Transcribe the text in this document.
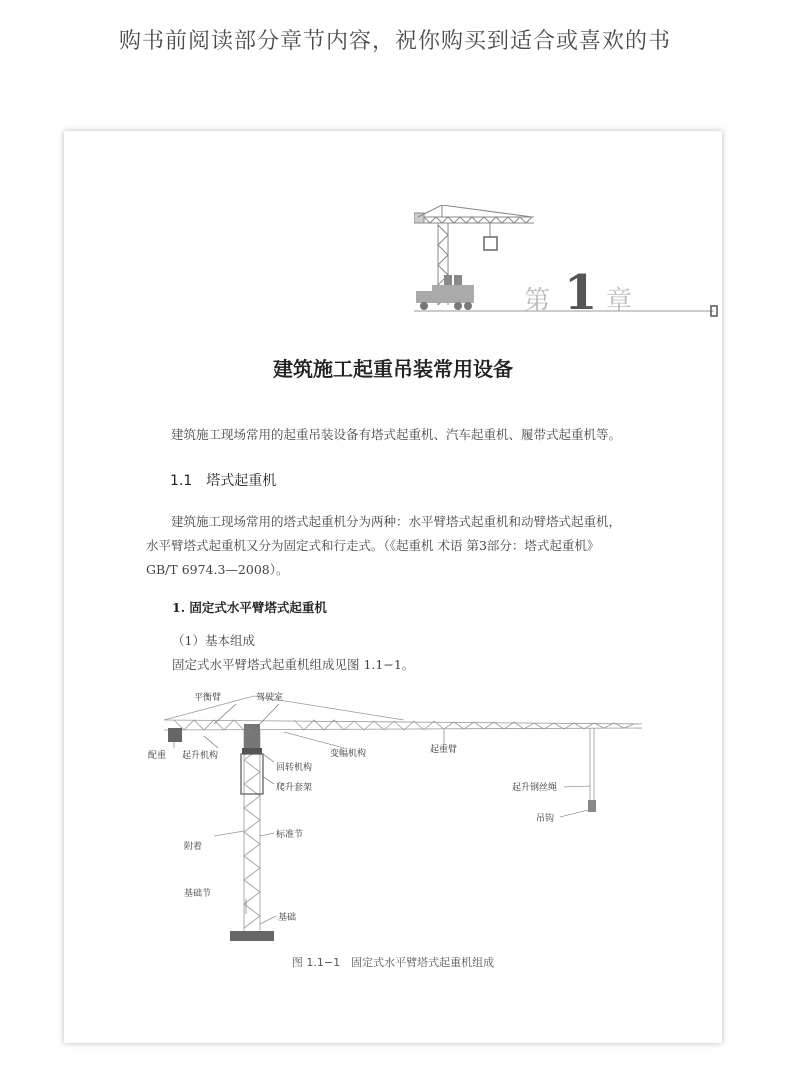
购书前阅读部分章节内容，祝你购买到适合或喜欢的书
第 1 章
建筑施工起重吊装常用设备
建筑施工现场常用的起重吊装设备有塔式起重机、汽车起重机、履带式起重机等。
1.1 塔式起重机
建筑施工现场常用的塔式起重机分为两种：水平臂塔式起重机和动臂塔式起重机，
水平臂塔式起重机又分为固定式和行走式。（《起重机 术语 第3部分：塔式起重机》
GB/T 6974.3—2008）。
1. 固定式水平臂塔式起重机
（1）基本组成
固定式水平臂塔式起重机组成见图 1.1−1。
平衡臂	驾驶室
配重 起升机构
回转机构
变幅机构	起重臂
爬升套架	起升钢丝绳
吊钩
标准节
附着
基础节
基础
图 1.1−1　固定式水平臂塔式起重机组成
